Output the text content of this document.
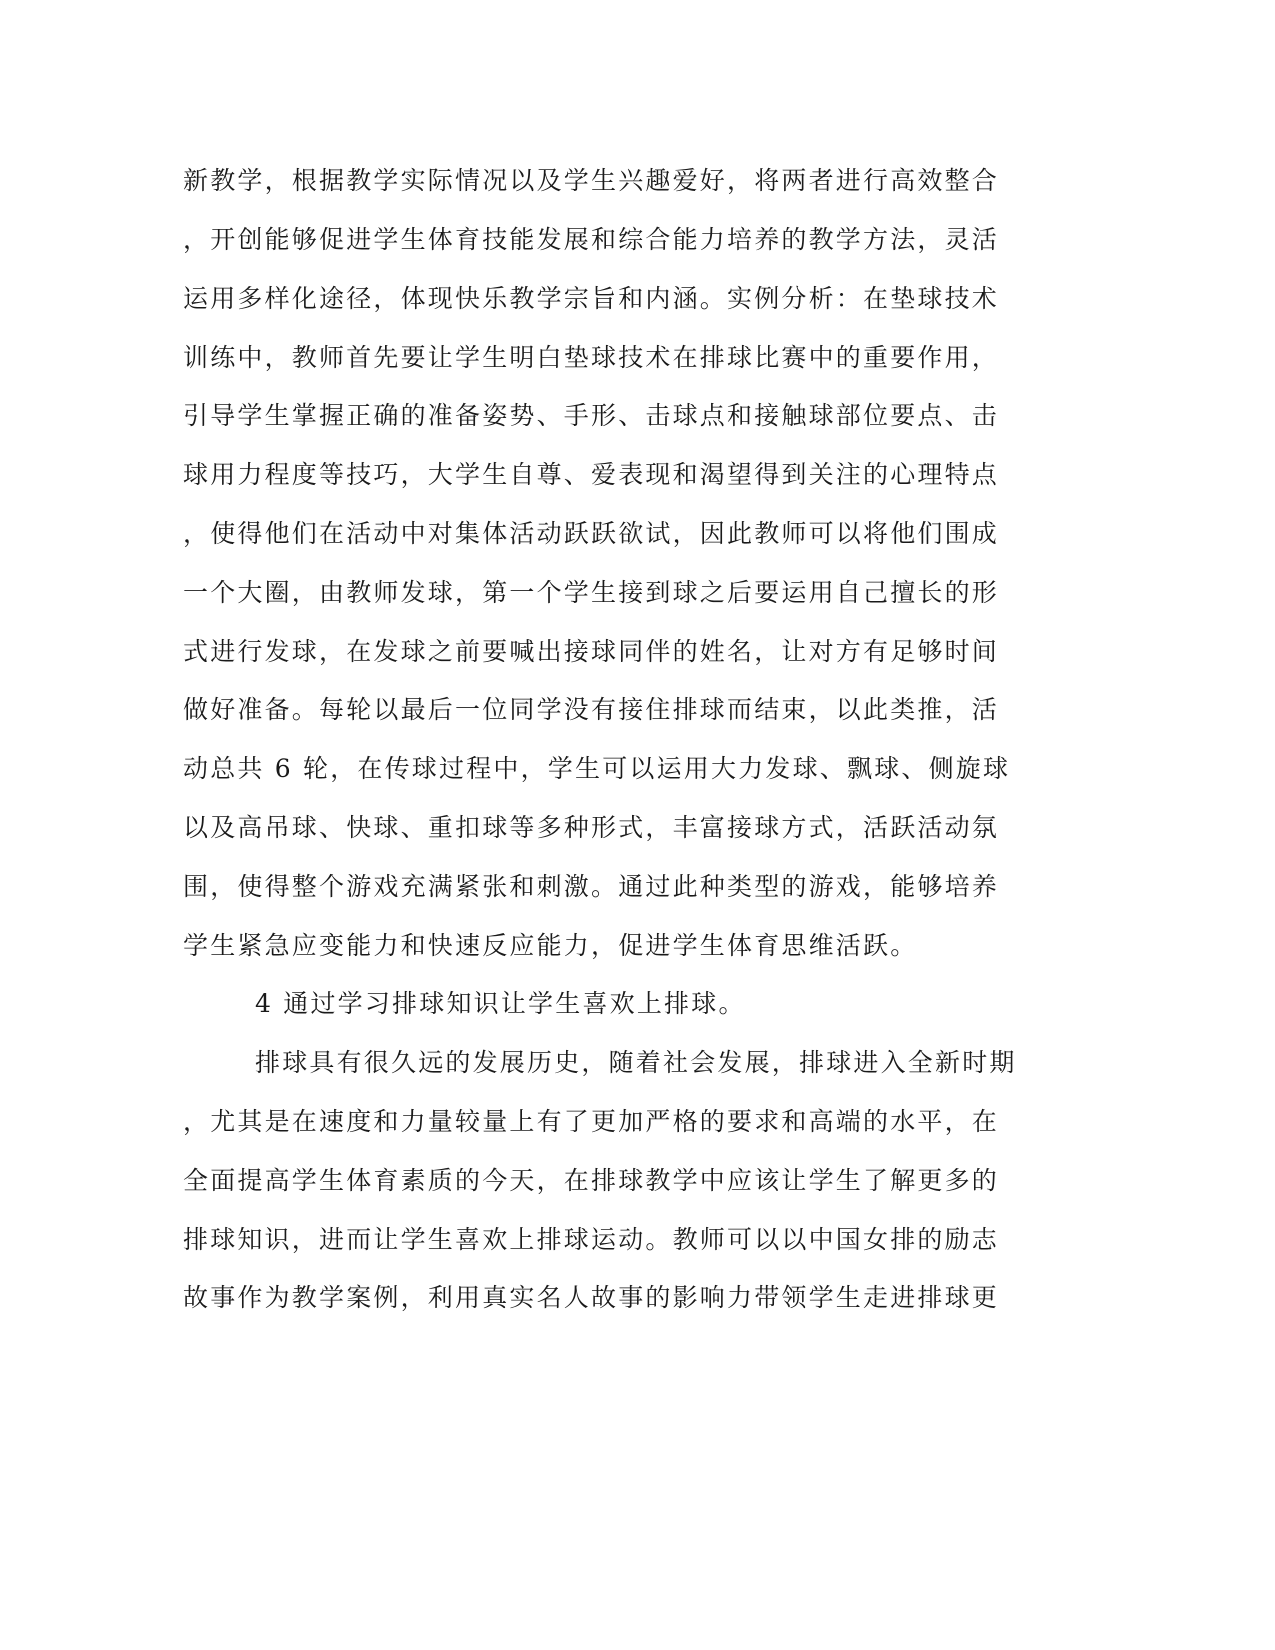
新教学，根据教学实际情况以及学生兴趣爱好，将两者进行高效整合
，开创能够促进学生体育技能发展和综合能力培养的教学方法，灵活
运用多样化途径，体现快乐教学宗旨和内涵。实例分析：在垫球技术
训练中，教师首先要让学生明白垫球技术在排球比赛中的重要作用，
引导学生掌握正确的准备姿势、手形、击球点和接触球部位要点、击
球用力程度等技巧，大学生自尊、爱表现和渴望得到关注的心理特点
，使得他们在活动中对集体活动跃跃欲试，因此教师可以将他们围成
一个大圈，由教师发球，第一个学生接到球之后要运用自己擅长的形
式进行发球，在发球之前要喊出接球同伴的姓名，让对方有足够时间
做好准备。每轮以最后一位同学没有接住排球而结束，以此类推，活
动总共 6 轮，在传球过程中，学生可以运用大力发球、飘球、侧旋球
以及高吊球、快球、重扣球等多种形式，丰富接球方式，活跃活动氛
围，使得整个游戏充满紧张和刺激。通过此种类型的游戏，能够培养
学生紧急应变能力和快速反应能力，促进学生体育思维活跃。
4 通过学习排球知识让学生喜欢上排球。
排球具有很久远的发展历史，随着社会发展，排球进入全新时期
，尤其是在速度和力量较量上有了更加严格的要求和高端的水平，在
全面提高学生体育素质的今天，在排球教学中应该让学生了解更多的
排球知识，进而让学生喜欢上排球运动。教师可以以中国女排的励志
故事作为教学案例，利用真实名人故事的影响力带领学生走进排球更
